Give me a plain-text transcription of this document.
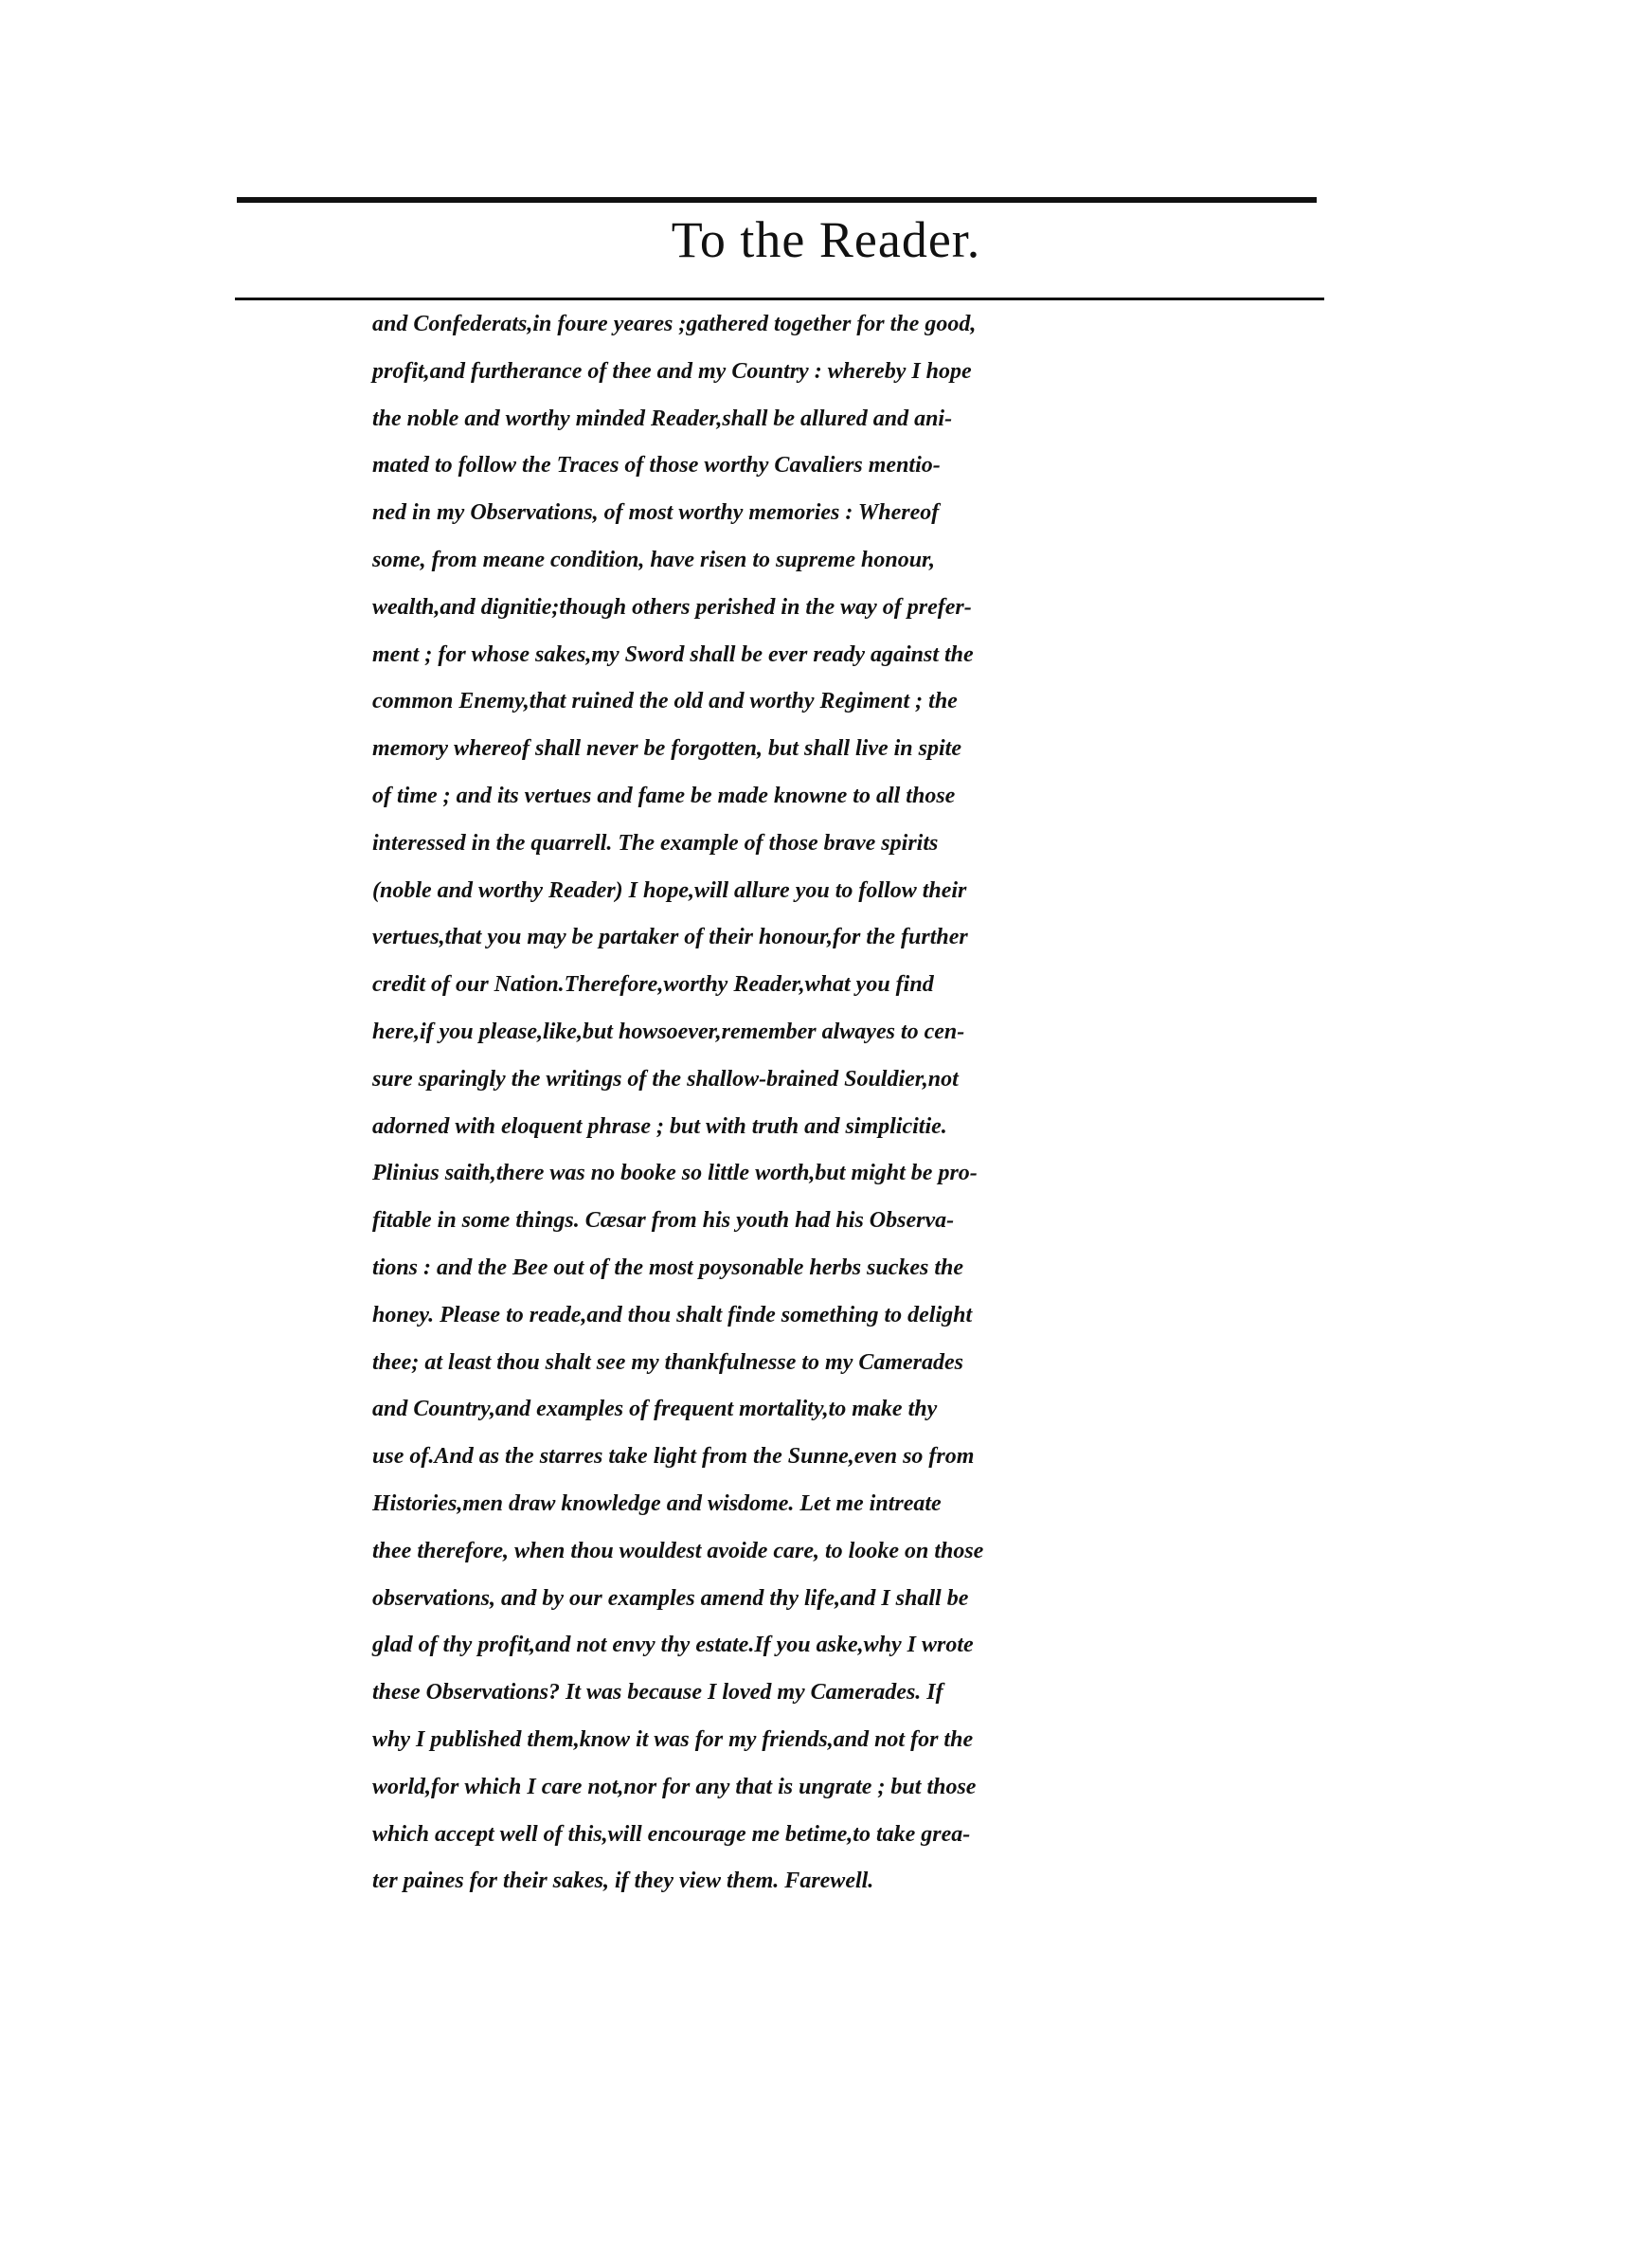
To the Reader.
and Confederats,in foure yeares ;gathered together for the good,
profit,and furtherance of thee and my Country : whereby I hope
the noble and worthy minded Reader,shall be allured and ani-
mated to follow the Traces of those worthy Cavaliers mentio-
ned in my Observations, of most worthy memories : Whereof
some, from meane condition, have risen to supreme honour,
wealth,and dignitie;though others perished in the way of prefer-
ment ; for whose sakes,my Sword shall be ever ready against the
common Enemy,that ruined the old and worthy Regiment ; the
memory whereof shall never be forgotten, but shall live in spite
of time ; and its vertues and fame be made knowne to all those
interessed in the quarrell. The example of those brave spirits
(noble and worthy Reader) I hope,will allure you to follow their
vertues,that you may be partaker of their honour,for the further
credit of our Nation.Therefore,worthy Reader,what you find
here,if you please,like,but howsoever,remember alwayes to cen-
sure sparingly the writings of the shallow-brained Souldier,not
adorned with eloquent phrase ; but with truth and simplicitie.
Plinius saith,there was no booke so little worth,but might be pro-
fitable in some things. Cæsar from his youth had his Observa-
tions : and the Bee out of the most poysonable herbs suckes the
honey. Please to reade,and thou shalt finde something to delight
thee; at least thou shalt see my thankfulnesse to my Camerades
and Country,and examples of frequent mortality,to make thy
use of.And as the starres take light from the Sunne,even so from
Histories,men draw knowledge and wisdome. Let me intreate
thee therefore, when thou wouldest avoide care, to looke on those
observations, and by our examples amend thy life,and I shall be
glad of thy profit,and not envy thy estate.If you aske,why I wrote
these Observations? It was because I loved my Camerades. If
why I published them,know it was for my friends,and not for the
world,for which I care not,nor for any that is ungrate ; but those
which accept well of this,will encourage me betime,to take grea-
ter paines for their sakes, if they view them. Farewell.
